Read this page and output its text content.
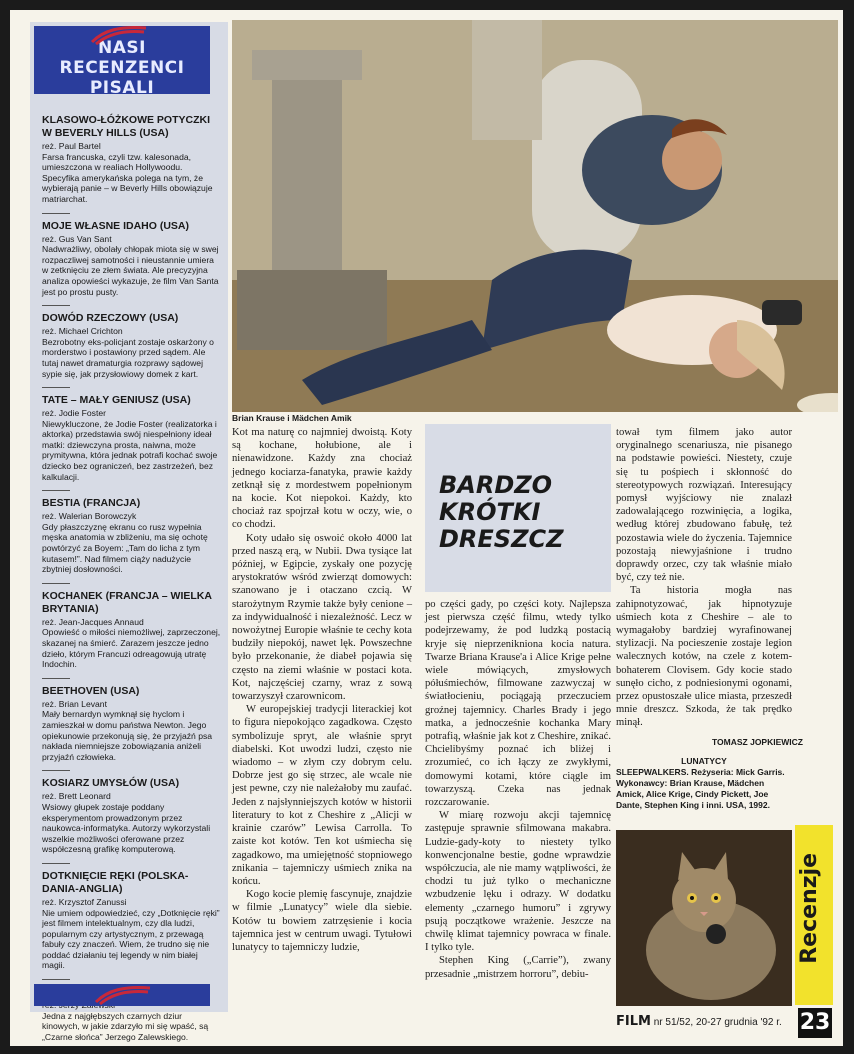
NASI RECENZENCI
PISALI
KLASOWO-ŁÓŻKOWE POTYCZKI W BEVERLY HILLS (USA)
reż. Paul Bartel
Farsa francuska, czyli tzw. kalesonada, umieszczona w realiach Hollywoodu. Specyfika amerykańska polega na tym, że wybierają panie – w Beverly Hills obowiązuje matriarchat.
MOJE WŁASNE IDAHO (USA)
reż. Gus Van Sant
Nadwrażliwy, obolały chłopak miota się w swej rozpaczliwej samotności i nieustannie umiera w zetknięciu ze złem świata. Ale precyzyjna analiza opowieści wykazuje, że film Van Santa jest po prostu pusty.
DOWÓD RZECZOWY (USA)
reż. Michael Crichton
Bezrobotny eks-policjant zostaje oskarżony o morderstwo i postawiony przed sądem. Ale tutaj nawet dramaturgia rozprawy sądowej sypie się, jak przysłowiowy domek z kart.
TATE – MAŁY GENIUSZ (USA)
reż. Jodie Foster
Niewykluczone, że Jodie Foster (realizatorka i aktorka) przedstawia swój niespełniony ideał matki: dziewczyna prosta, naiwna, może prymitywna, która jednak potrafi kochać swoje dziecko bez ograniczeń, bez zastrzeżeń, bez kalkulacji.
BESTIA (FRANCJA)
reż. Walerian Borowczyk
Gdy płaszczyznę ekranu co rusz wypełnia męska anatomia w zbliżeniu, ma się ochotę powtórzyć za Boyem: „Tam do licha z tym kutasem!”. Nad filmem ciąży nadużycie zbytniej dosłowności.
KOCHANEK (FRANCJA – WIELKA BRYTANIA)
reż. Jean-Jacques Annaud
Opowieść o miłości niemożliwej, zaprzeczonej, skazanej na śmierć. Zarazem jeszcze jedno dzieło, którym Francuzi odreagowują utratę Indochin.
BEETHOVEN (USA)
reż. Brian Levant
Mały bernardyn wymknął się hyclom i zamieszkał w domu państwa Newton. Jego opiekunowie przekonują się, że przyjaźń psa nakłada niemniejsze zobowiązania aniżeli przyjaźń człowieka.
KOSIARZ UMYSŁÓW (USA)
reż. Brett Leonard
Wsiowy głupek zostaje poddany eksperymentom prowadzonym przez naukowca-informatyka. Autorzy wykorzystali wszelkie możliwości oferowane przez współczesną grafikę komputerową.
DOTKNIĘCIE RĘKI (POLSKA-DANIA-ANGLIA)
reż. Krzysztof Zanussi
Nie umiem odpowiedzieć, czy „Dotknięcie ręki” jest filmem intelektualnym, czy dla ludzi, popularnym czy artystycznym, z przewagą fabuły czy znaczeń. Wiem, że trudno się nie poddać działaniu tej legendy w nim białej magii.
Jedna z najgłębszych czarnych dziur kinowych, w jakie zdarzyło mi się wpaść, są „Czarne słońca” Jerzego Zalewskiego.
Brian Krause i Mädchen Amik

Kot ma naturę co najmniej dwoistą. Koty są kochane, hołubione, ale i nienawidzone. Każdy zna chociaż jednego kociarza-fanatyka, prawie każdy zetknął się z mordestwem popełnionym na kocie. Kot niepokoi. Każdy, kto chociaż raz spojrzał kotu w oczy, wie, o co chodzi.

Koty udało się oswoić około 4000 lat przed naszą erą, w Nubii. Dwa tysiące lat później, w Egipcie, zyskały one pozycję arystokratów wśród zwierząt domowych: szanowano je i otaczano czcią. W starożytnym Rzymie także były cenione – za indywidualność i niezależność. Lecz w nowożytnej Europie właśnie te cechy kota budziły niepokój, nawet lęk. Powszechne było przekonanie, że diabeł pojawia się często na ziemi właśnie w postaci kota. Kot, najczęściej czarny, wraz z sową towarzyszył czarownicom.

W europejskiej tradycji literackiej kot to figura niepokojąco zagadkowa. Często symbolizuje spryt, ale właśnie spryt diabelski. Kot uwodzi ludzi, często nie wiadomo – w złym czy dobrym celu. Dobrze jest go się strzec, ale wcale nie jest pewne, czy nie należałoby mu zaufać. Jeden z najsłynniejszych kotów w historii literatury to kot z Cheshire z „Alicji w krainie czarów” Lewisa Carrolla. To zaiste kot kotów. Ten kot uśmiecha się zagadkowo, ma umiejętność stopniowego znikania – tajemniczy uśmiech znika na końcu.

Kogo kocie plemię fascynuje, znajdzie w filmie „Lunatycy” wiele dla siebie. Kotów tu bowiem zatrzęsienie i kocia tajemnica jest w centrum uwagi. Tytułowi lunatycy to tajemniczy ludzie,

BARDZO
KRÓTKI
DRESZCZ

po części gady, po części koty. Najlepsza jest pierwsza część filmu, wtedy tylko podejrzewamy, że pod ludzką postacią kryje się nieprzenikniona kocia natura. Twarze Briana Krause'a i Alice Krige pełne wiele mówiących, zmysłowych półuśmiechów, filmowane zazwyczaj w światłocieniu, pociągają przeczuciem groźnej tajemnicy. Charles Brady i jego matka, a jednocześnie kochanka Mary potrafią, właśnie jak kot z Cheshire, znikać. Chcielibyśmy poznać ich bliżej i zrozumieć, co ich łączy ze zwykłymi, domowymi kotami, które ciągle im towarzyszą. Czeka nas jednak rozczarowanie.

W miarę rozwoju akcji tajemnicę zastępuje sprawnie sfilmowana makabra. Ludzie-gady-koty to niestety tylko konwencjonalne bestie, godne wprawdzie współczucia, ale nie mamy wątpliwości, że chodzi tu już tylko o mechaniczne wzbudzenie lęku i odrazy. W dodatku elementy „czarnego humoru” i zgrywy psują początkowe wrażenie. Jeszcze na chwilę klimat tajemnicy powraca w finale. I tylko tyle.

Stephen King („Carrie”), zwany przesadnie „mistrzem horroru”, debiu-

tował tym filmem jako autor oryginalnego scenariusza, nie pisanego na podstawie powieści. Niestety, czuje się tu pośpiech i skłonność do stereotypowych rozwiązań. Interesujący pomysł wyjściowy nie znalazł zadowalającego rozwinięcia, a logika, według której zbudowano fabułę, też pozostawia wiele do życzenia. Tajemnice pozostają niewyjaśnione i trudno doprawdy orzec, czy tak właśnie miało być, czy też nie.

Ta historia mogła nas zahipnotyzować, jak hipnotyzuje uśmiech kota z Cheshire – ale to wymagałoby bardziej wyrafinowanej stylizacji. Na pocieszenie zostaje legion walecznych kotów, na czele z kotem-bohaterem Clovisem. Gdy kocie stado sunęło cicho, z podniesionymi ogonami, przez opustoszałe ulice miasta, przeszedł mnie dreszcz. Szkoda, że tak prędko minął.

TOMASZ JOPKIEWICZ
LUNATYCY
SLEEPWALKERS. Reżyseria: Mick Garris. Wykonawcy: Brian Krause, Mädchen Amick, Alice Krige, Cindy Pickett, Joe Dante, Stephen King i inni. USA, 1992.
Recenzje
FILM nr 51/52, 20-27 grudnia '92 r. 23
